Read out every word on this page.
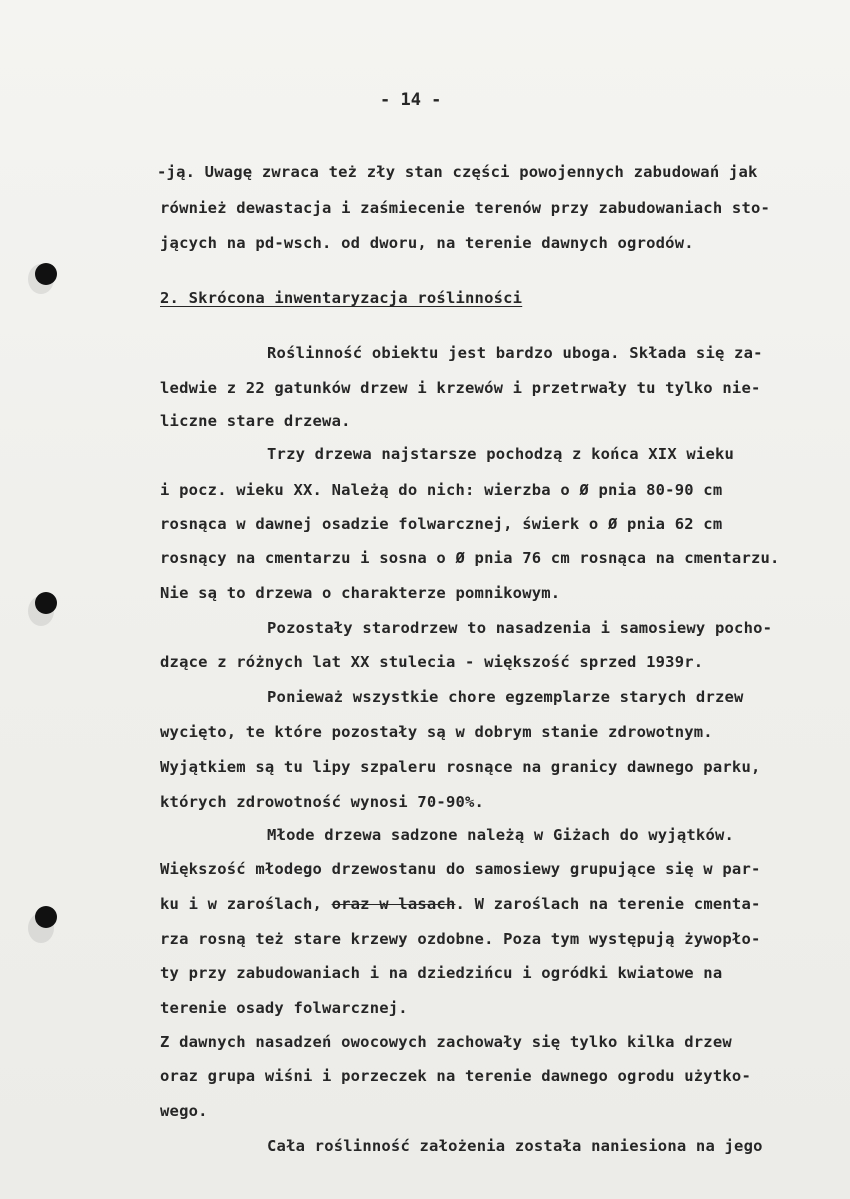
- 14 -
-ją. Uwagę zwraca też zły stan części powojennych zabudowań jak
również dewastacja i zaśmiecenie terenów przy zabudowaniach sto-
jących na pd-wsch. od dworu, na terenie dawnych ogrodów.
2. Skrócona inwentaryzacja roślinności
Roślinność obiektu jest bardzo uboga. Składa się za-
ledwie z 22 gatunków drzew i krzewów i przetrwały tu tylko nie-
liczne stare drzewa.
Trzy drzewa najstarsze pochodzą z końca XIX wieku
i pocz. wieku XX. Należą do nich: wierzba o Ø pnia 80-90 cm
rosnąca w dawnej osadzie folwarcznej, świerk o Ø pnia 62 cm
rosnący na cmentarzu i sosna o Ø pnia 76 cm rosnąca na cmentarzu.
Nie są to drzewa o charakterze pomnikowym.
Pozostały starodrzew to nasadzenia i samosiewy pocho-
dzące z różnych lat XX stulecia - większość sprzed 1939r.
Ponieważ wszystkie chore egzemplarze starych drzew
wycięto, te które pozostały są w dobrym stanie zdrowotnym.
Wyjątkiem są tu lipy szpaleru rosnące na granicy dawnego parku,
których zdrowotność wynosi 70-90%.
Młode drzewa sadzone należą w Giżach do wyjątków.
Większość młodego drzewostanu do samosiewy grupujące się w par-
ku i w zaroślach, oraz w lasach. W zaroślach na terenie cmenta-
rza rosną też stare krzewy ozdobne. Poza tym występują żywopło-
ty przy zabudowaniach i na dziedzińcu i ogródki kwiatowe na
terenie osady folwarcznej.
Z dawnych nasadzeń owocowych zachowały się tylko kilka drzew
oraz grupa wiśni i porzeczek na terenie dawnego ogrodu użytko-
wego.
Cała roślinność założenia została naniesiona na jego
